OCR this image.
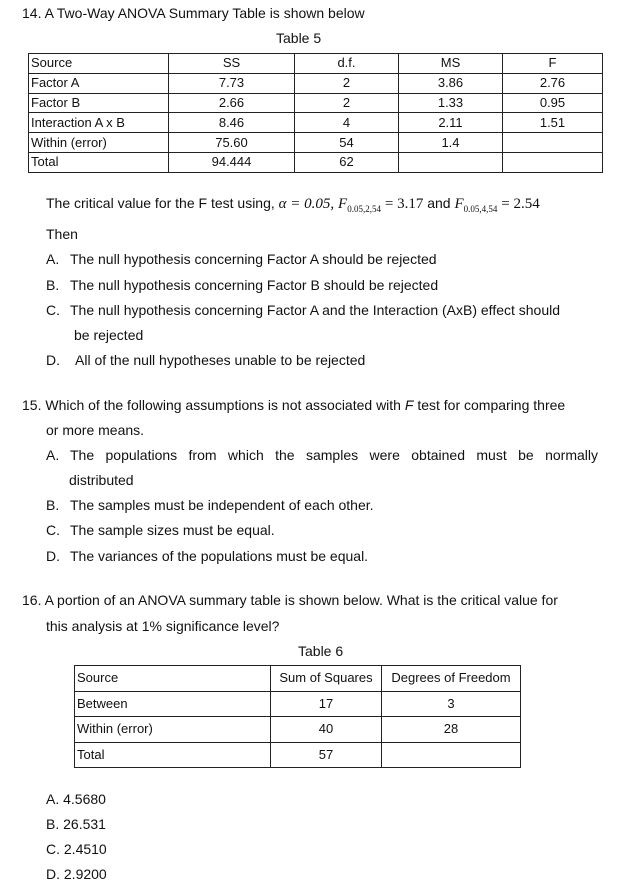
14. A Two-Way ANOVA Summary Table is shown below
Table 5
Source	SS	d.f.	MS	F
Factor A	7.73	2	3.86	2.76
Factor B	2.66	2	1.33	0.95
Interaction A x B	8.46	4	2.11	1.51
Within (error)	75.60	54	1.4	
Total	94.444	62		
The critical value for the F test using, α = 0.05, $F_{0.05,2,54} = 3.17$ and $F_{0.05,4,54} = 2.54$
Then
A. The null hypothesis concerning Factor A should be rejected
B. The null hypothesis concerning Factor B should be rejected
C. The null hypothesis concerning Factor A and the Interaction (AxB) effect should
be rejected
D. All of the null hypotheses unable to be rejected
15. Which of the following assumptions is not associated with F test for comparing three
or more means.
A. The populations from which the samples were obtained must be normally
distributed
B. The samples must be independent of each other.
C. The sample sizes must be equal.
D. The variances of the populations must be equal.
16. A portion of an ANOVA summary table is shown below. What is the critical value for
this analysis at 1% significance level?
Table 6
Source	Sum of Squares	Degrees of Freedom
Between	17	3
Within (error)	40	28
Total	57	
A. 4.5680
B. 26.531
C. 2.4510
D. 2.9200
